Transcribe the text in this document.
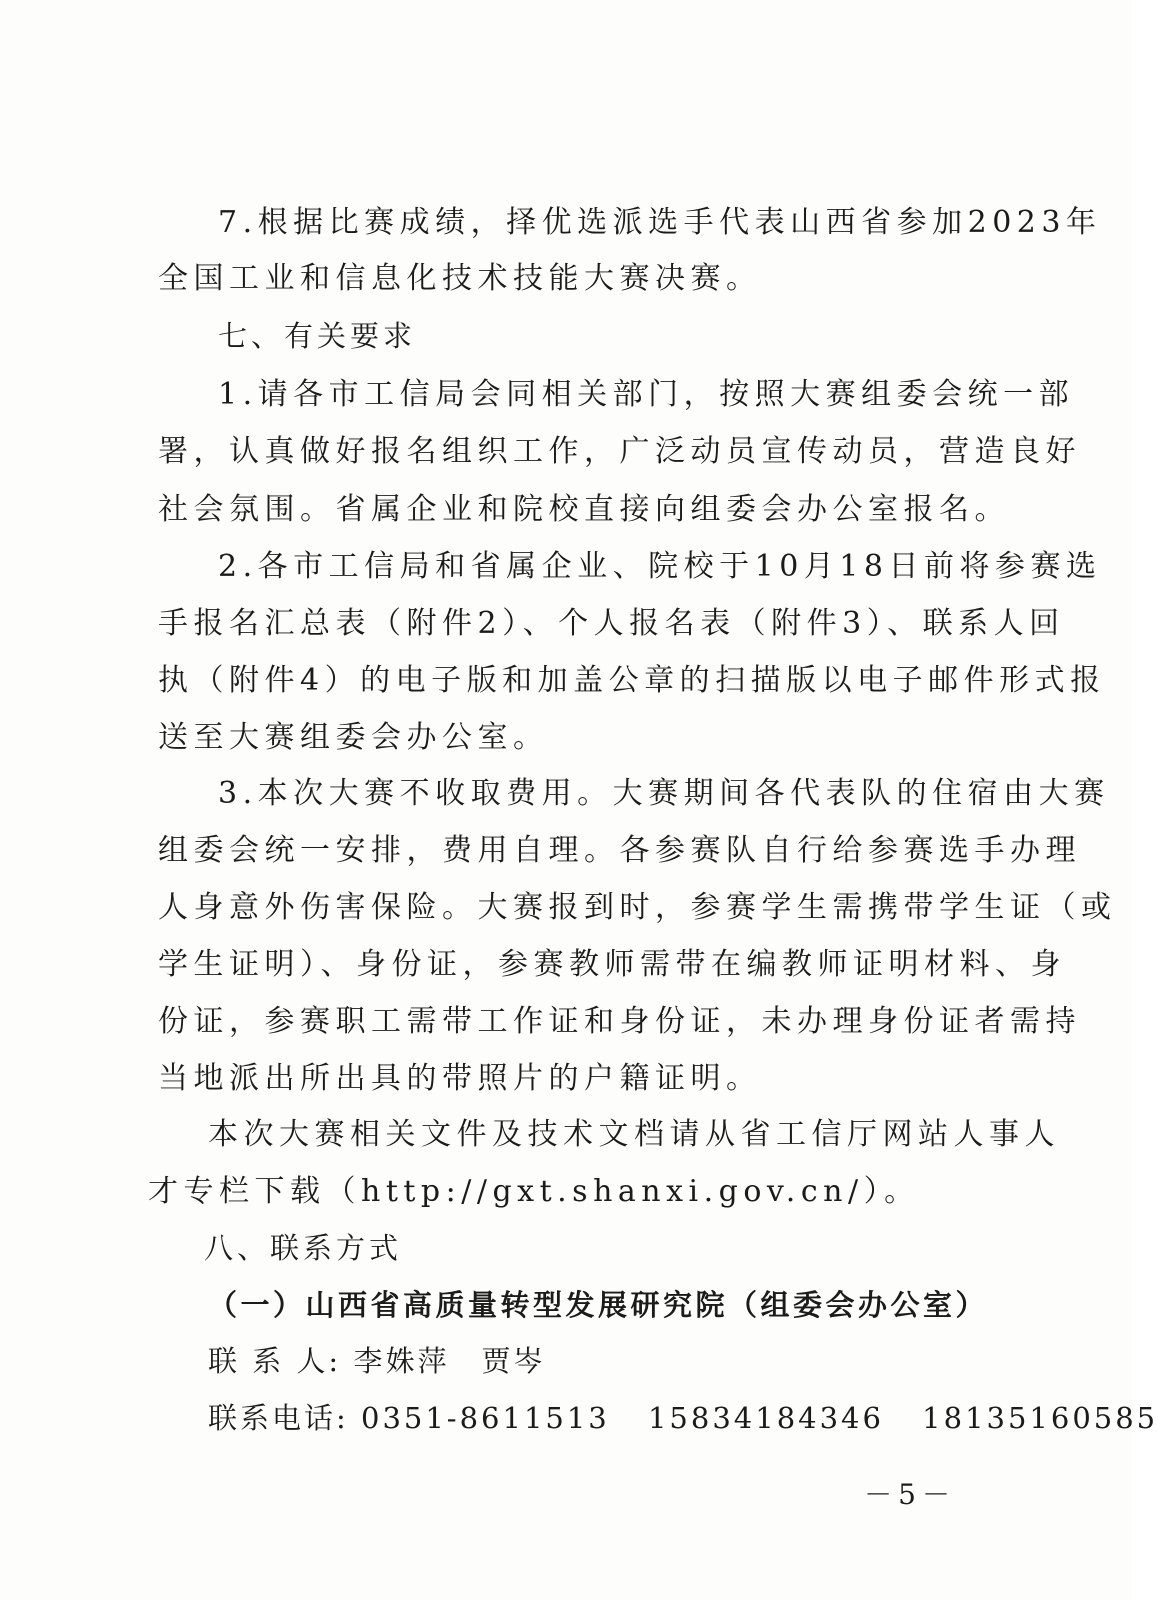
7.根据比赛成绩，择优选派选手代表山西省参加2023年
全国工业和信息化技术技能大赛决赛。
七、有关要求
1.请各市工信局会同相关部门，按照大赛组委会统一部
署，认真做好报名组织工作，广泛动员宣传动员，营造良好
社会氛围。省属企业和院校直接向组委会办公室报名。
2.各市工信局和省属企业、院校于10月18日前将参赛选
手报名汇总表（附件2）、个人报名表（附件3）、联系人回
执（附件4）的电子版和加盖公章的扫描版以电子邮件形式报
送至大赛组委会办公室。
3.本次大赛不收取费用。大赛期间各代表队的住宿由大赛
组委会统一安排，费用自理。各参赛队自行给参赛选手办理
人身意外伤害保险。大赛报到时，参赛学生需携带学生证（或
学生证明）、身份证，参赛教师需带在编教师证明材料、身
份证，参赛职工需带工作证和身份证，未办理身份证者需持
当地派出所出具的带照片的户籍证明。
本次大赛相关文件及技术文档请从省工信厅网站人事人
才专栏下载（http://gxt.shanxi.gov.cn/）。
八、联系方式
（一）山西省高质量转型发展研究院（组委会办公室）
联 系 人: 李姝萍　贾岑
联系电话: 0351-8611513 15834184346 18135160585
－5－
